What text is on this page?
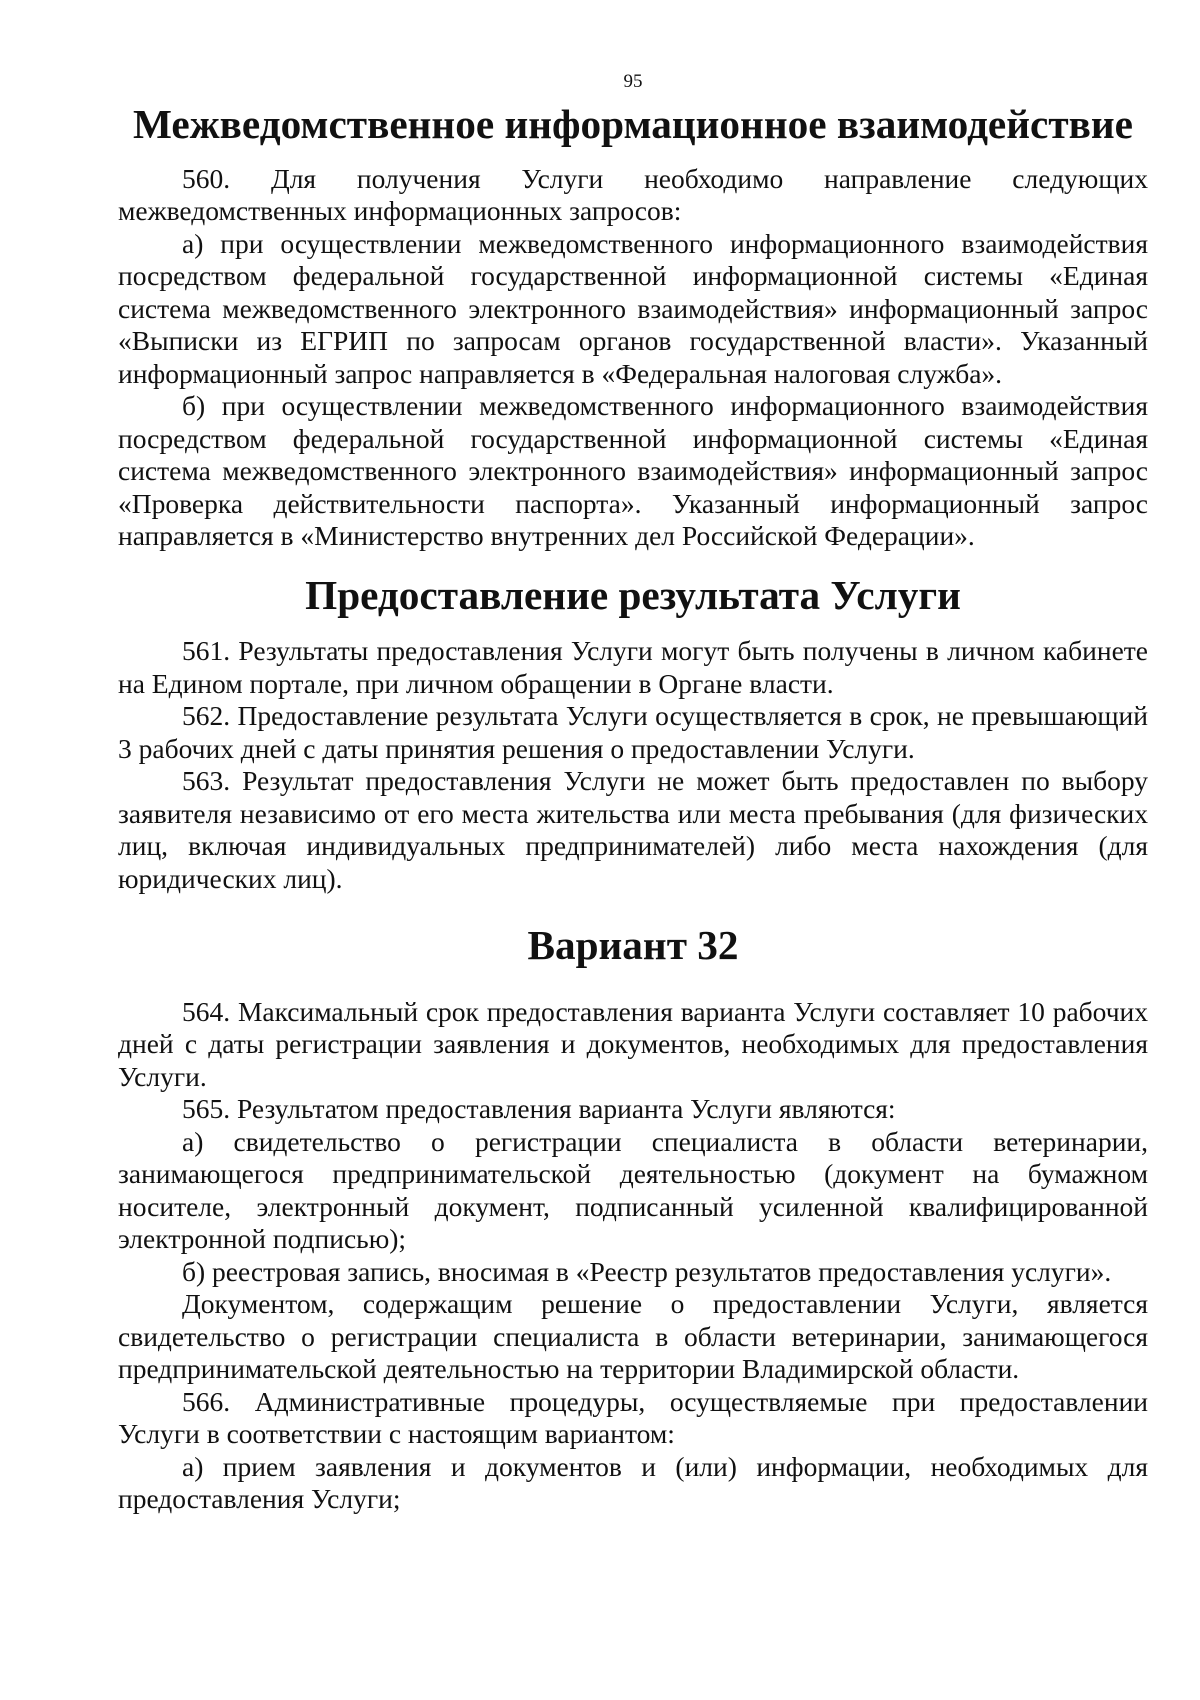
95
Межведомственное информационное взаимодействие

560. Для получения Услуги необходимо направление следующих межведомственных информационных запросов:

а) при осуществлении межведомственного информационного взаимодействия посредством федеральной государственной информационной системы «Единая система межведомственного электронного взаимодействия» информационный запрос «Выписки из ЕГРИП по запросам органов государственной власти». Указанный информационный запрос направляется в «Федеральная налоговая служба».

б) при осуществлении межведомственного информационного взаимодействия посредством федеральной государственной информационной системы «Единая система межведомственного электронного взаимодействия» информационный запрос «Проверка действительности паспорта». Указанный информационный запрос направляется в «Министерство внутренних дел Российской Федерации».

Предоставление результата Услуги

561. Результаты предоставления Услуги могут быть получены в личном кабинете на Едином портале, при личном обращении в Органе власти.

562. Предоставление результата Услуги осуществляется в срок, не превышающий 3 рабочих дней с даты принятия решения о предоставлении Услуги.

563. Результат предоставления Услуги не может быть предоставлен по выбору заявителя независимо от его места жительства или места пребывания (для физических лиц, включая индивидуальных предпринимателей) либо места нахождения (для юридических лиц).

Вариант 32

564. Максимальный срок предоставления варианта Услуги составляет 10 рабочих дней с даты регистрации заявления и документов, необходимых для предоставления Услуги.

565. Результатом предоставления варианта Услуги являются:

а) свидетельство о регистрации специалиста в области ветеринарии, занимающегося предпринимательской деятельностью (документ на бумажном носителе, электронный документ, подписанный усиленной квалифицированной электронной подписью);

б) реестровая запись, вносимая в «Реестр результатов предоставления услуги».

Документом, содержащим решение о предоставлении Услуги, является свидетельство о регистрации специалиста в области ветеринарии, занимающегося предпринимательской деятельностью на территории Владимирской области.

566. Административные процедуры, осуществляемые при предоставлении Услуги в соответствии с настоящим вариантом:

а) прием заявления и документов и (или) информации, необходимых для предоставления Услуги;
